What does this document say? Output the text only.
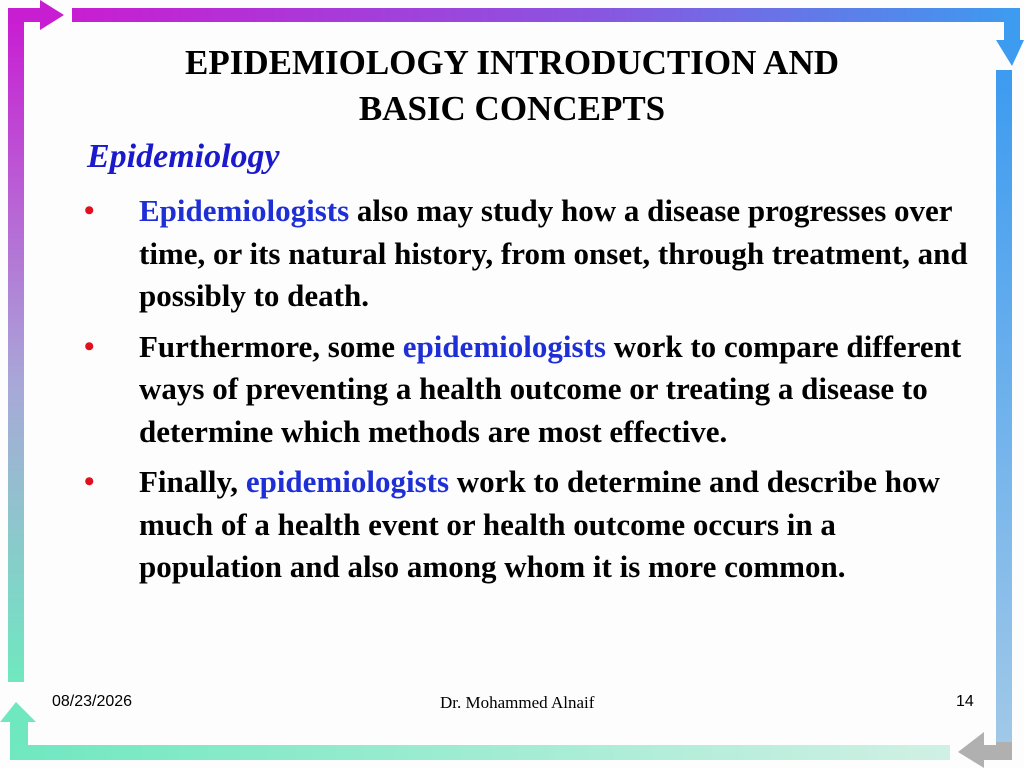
EPIDEMIOLOGY INTRODUCTION AND
BASIC CONCEPTS
Epidemiology
• Epidemiologists also may study how a disease progresses over time, or its natural history, from onset, through treatment, and possibly to death.
• Furthermore, some epidemiologists work to compare different ways of preventing a health outcome or treating a disease to determine which methods are most effective.
• Finally, epidemiologists work to determine and describe how much of a health event or health outcome occurs in a population and also among whom it is more common.
08/23/2026	Dr. Mohammed Alnaif	14
